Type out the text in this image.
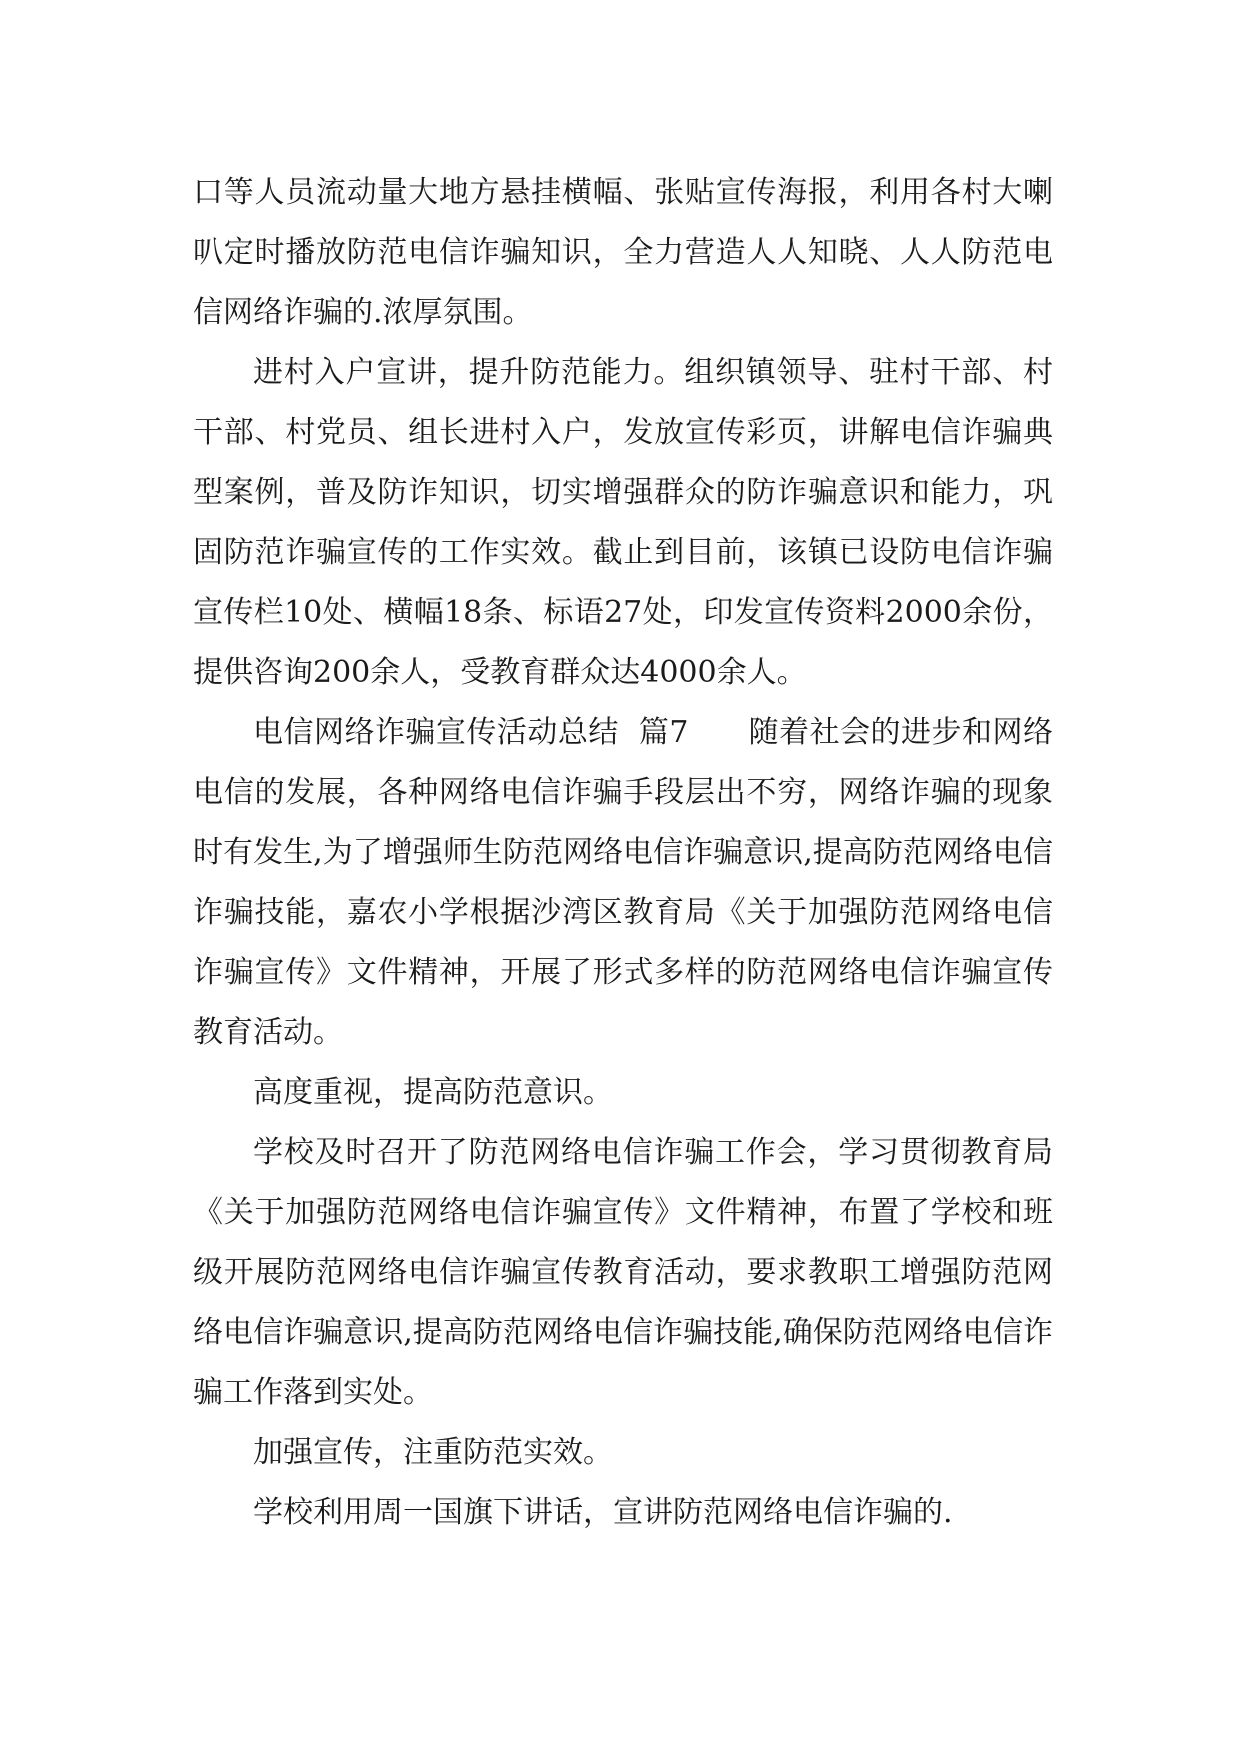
口等人员流动量大地方悬挂横幅、张贴宣传海报，利用各村大喇叭定时播放防范电信诈骗知识，全力营造人人知晓、人人防范电信网络诈骗的.浓厚氛围。

进村入户宣讲，提升防范能力。组织镇领导、驻村干部、村干部、村党员、组长进村入户，发放宣传彩页，讲解电信诈骗典型案例，普及防诈知识，切实增强群众的防诈骗意识和能力，巩固防范诈骗宣传的工作实效。截止到目前，该镇已设防电信诈骗宣传栏10处、横幅18条、标语27处，印发宣传资料2000余份，提供咨询200余人，受教育群众达4000余人。

电信网络诈骗宣传活动总结  篇7      随着社会的进步和网络电信的发展，各种网络电信诈骗手段层出不穷，网络诈骗的现象时有发生,为了增强师生防范网络电信诈骗意识,提高防范网络电信诈骗技能，嘉农小学根据沙湾区教育局《关于加强防范网络电信诈骗宣传》文件精神，开展了形式多样的防范网络电信诈骗宣传教育活动。

高度重视，提高防范意识。

学校及时召开了防范网络电信诈骗工作会，学习贯彻教育局《关于加强防范网络电信诈骗宣传》文件精神，布置了学校和班级开展防范网络电信诈骗宣传教育活动，要求教职工增强防范网络电信诈骗意识,提高防范网络电信诈骗技能,确保防范网络电信诈骗工作落到实处。

加强宣传，注重防范实效。

学校利用周一国旗下讲话，宣讲防范网络电信诈骗的.
